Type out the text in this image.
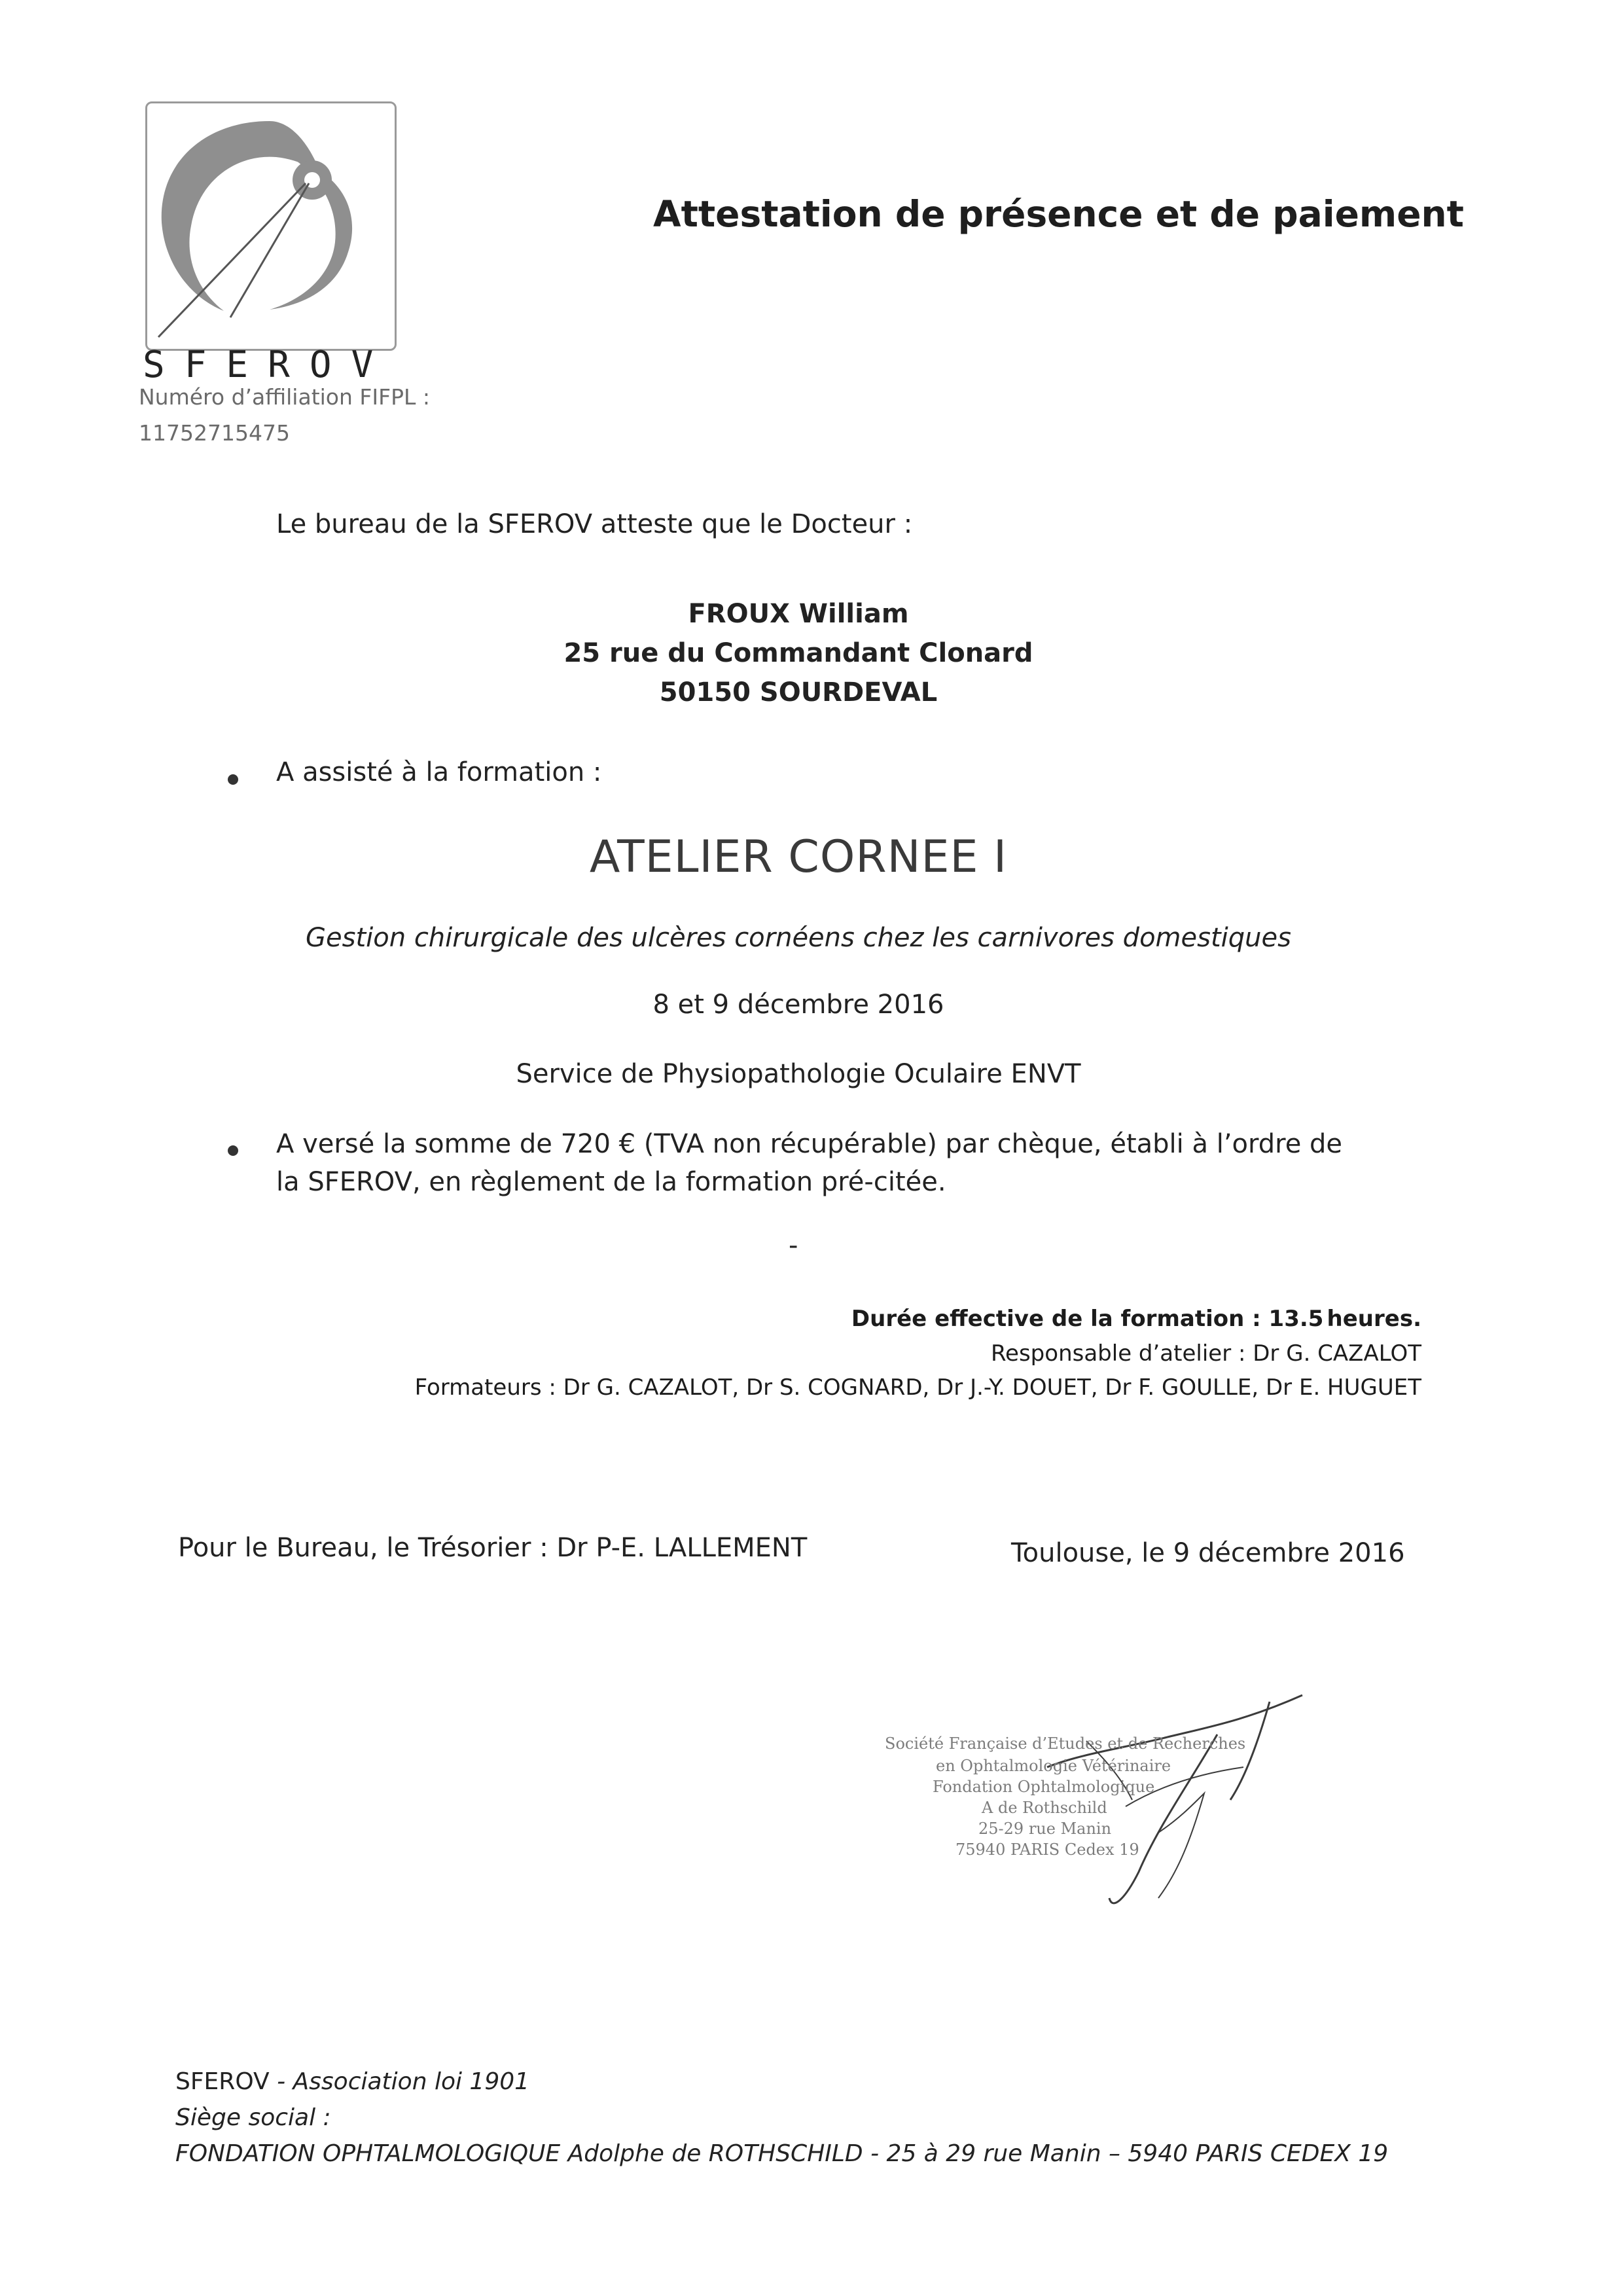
SFEROV
Numéro d’affiliation FIFPL :
11752715475
Attestation de présence et de paiement
Le bureau de la SFEROV atteste que le Docteur :
FROUX William
25 rue du Commandant Clonard
50150 SOURDEVAL
A assisté à la formation :
ATELIER CORNEE I
Gestion chirurgicale des ulcères cornéens chez les carnivores domestiques
8 et 9 décembre 2016
Service de Physiopathologie Oculaire ENVT
A versé la somme de 720 € (TVA non récupérable) par chèque, établi à l’ordre de
la SFEROV, en règlement de la formation pré-citée.
-
Durée effective de la formation : 13.5 heures.
Responsable d’atelier : Dr G. CAZALOT
Formateurs : Dr G. CAZALOT, Dr S. COGNARD, Dr J.-Y. DOUET, Dr F. GOULLE, Dr E. HUGUET
Pour le Bureau, le Trésorier : Dr P-E. LALLEMENT	Toulouse, le 9 décembre 2016
Société Française d’Etudes et de Recherches
en Ophtalmologie Vétérinaire
Fondation Ophtalmologique
A de Rothschild
25-29 rue Manin
75940 PARIS Cedex 19
SFEROV - Association loi 1901
Siège social :
FONDATION OPHTALMOLOGIQUE Adolphe de ROTHSCHILD - 25 à 29 rue Manin – 5940 PARIS CEDEX 19
